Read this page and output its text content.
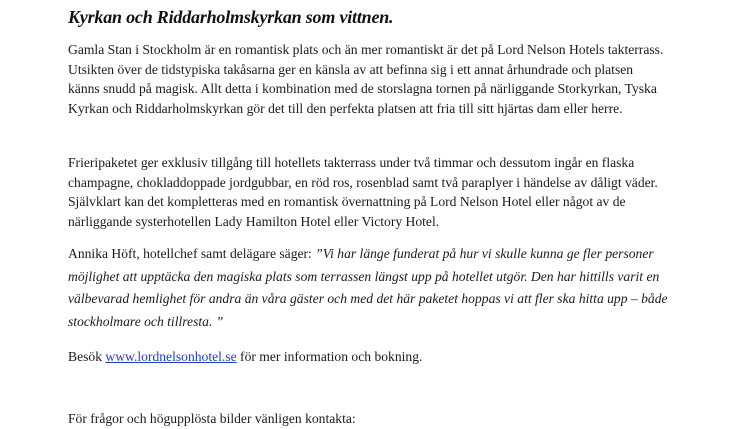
Kyrkan och Riddarholmskyrkan som vittnen.

Gamla Stan i Stockholm är en romantisk plats och än mer romantiskt är det på Lord Nelson Hotels takterrass. Utsikten över de tidstypiska takåsarna ger en känsla av att befinna sig i ett annat århundrade och platsen känns snudd på magisk. Allt detta i kombination med de storslagna tornen på närliggande Storkyrkan, Tyska Kyrkan och Riddarholmskyrkan gör det till den perfekta platsen att fria till sitt hjärtas dam eller herre.

Frieripaketet ger exklusiv tillgång till hotellets takterrass under två timmar och dessutom ingår en flaska champagne, chokladdoppade jordgubbar, en röd ros, rosenblad samt två paraplyer i händelse av dåligt väder. Självklart kan det kompletteras med en romantisk övernattning på Lord Nelson Hotel eller något av de närliggande systerhotellen Lady Hamilton Hotel eller Victory Hotel.

Annika Höft, hotellchef samt delägare säger: ”Vi har länge funderat på hur vi skulle kunna ge fler personer möjlighet att upptäcka den magiska plats som terrassen längst upp på hotellet utgör. Den har hittills varit en välbevarad hemlighet för andra än våra gäster och med det här paketet hoppas vi att fler ska hitta upp – både stockholmare och tillresta. ”

Besök www.lordnelsonhotel.se för mer information och bokning.

För frågor och högupplösta bilder vänligen kontakta:
